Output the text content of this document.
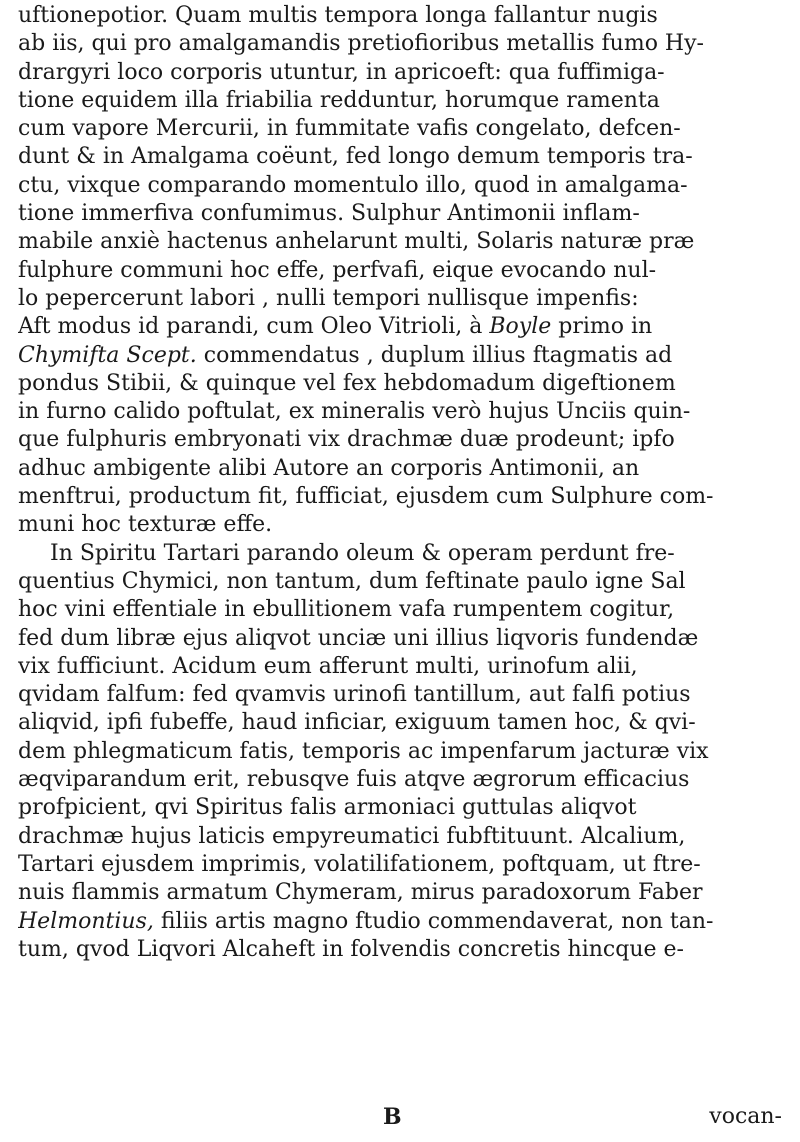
uftionepotior. Quam multis tempora longa fallantur nugis
ab iis, qui pro amalgamandis pretiofioribus metallis fumo Hy-
drargyri loco corporis utuntur, in apricoeft: qua fuffimiga-
tione equidem illa friabilia redduntur, horumque ramenta
cum vapore Mercurii, in fummitate vafis congelato, defcen-
dunt & in Amalgama coëunt, fed longo demum temporis tra-
ctu, vixque comparando momentulo illo, quod in amalgama-
tione immerfiva confumimus. Sulphur Antimonii inflam-
mabile anxiè hactenus anhelarunt multi, Solaris naturæ præ
fulphure communi hoc effe, perfvafi, eique evocando nul-
lo pepercerunt labori , nulli tempori nullisque impenfis:
Aft modus id parandi, cum Oleo Vitrioli, à Boyle primo in
Chymifta Scept. commendatus , duplum illius ftagmatis ad
pondus Stibii, & quinque vel fex hebdomadum digeftionem
in furno calido poftulat, ex mineralis verò hujus Unciis quin-
que fulphuris embryonati vix drachmæ duæ prodeunt; ipfo
adhuc ambigente alibi Autore an corporis Antimonii, an
menftrui, productum fit, fufficiat, ejusdem cum Sulphure com-
muni hoc texturæ effe.
In Spiritu Tartari parando oleum & operam perdunt fre-
quentius Chymici, non tantum, dum feftinate paulo igne Sal
hoc vini effentiale in ebullitionem vafa rumpentem cogitur,
fed dum libræ ejus aliqvot unciæ uni illius liqvoris fundendæ
vix fufficiunt. Acidum eum afferunt multi, urinofum alii,
qvidam falfum: fed qvamvis urinofi tantillum, aut falfi potius
aliqvid, ipfi fubeffe, haud inficiar, exiguum tamen hoc, & qvi-
dem phlegmaticum fatis, temporis ac impenfarum jacturæ vix
æqviparandum erit, rebusqve fuis atqve ægrorum efficacius
profpicient, qvi Spiritus falis armoniaci guttulas aliqvot
drachmæ hujus laticis empyreumatici fubftituunt. Alcalium,
Tartari ejusdem imprimis, volatilifationem, poftquam, ut ftre-
nuis flammis armatum Chymeram, mirus paradoxorum Faber
Helmontius, filiis artis magno ftudio commendaverat, non tan-
tum, qvod Liqvori Alcaheft in folvendis concretis hincque e-
B	vocan-
